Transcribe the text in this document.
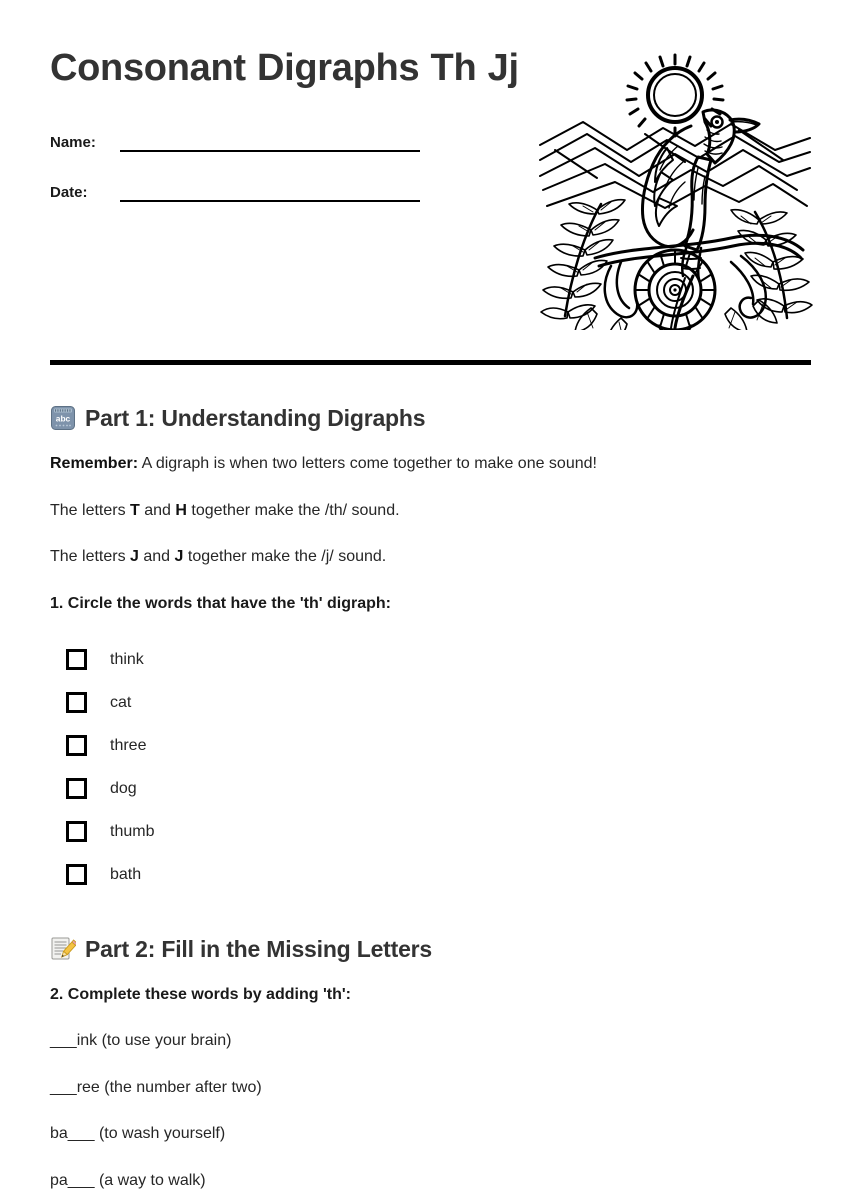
Consonant Digraphs Th Jj
Name:
Date:
abc Part 1: Understanding Digraphs

Remember: A digraph is when two letters come together to make one sound!

The letters T and H together make the /th/ sound.

The letters J and J together make the /j/ sound.

1. Circle the words that have the 'th' digraph:

think
cat
three
dog
thumb
bath
Part 2: Fill in the Missing Letters

2. Complete these words by adding 'th':

___ink (to use your brain)

___ree (the number after two)

ba___ (to wash yourself)

pa___ (a way to walk)
